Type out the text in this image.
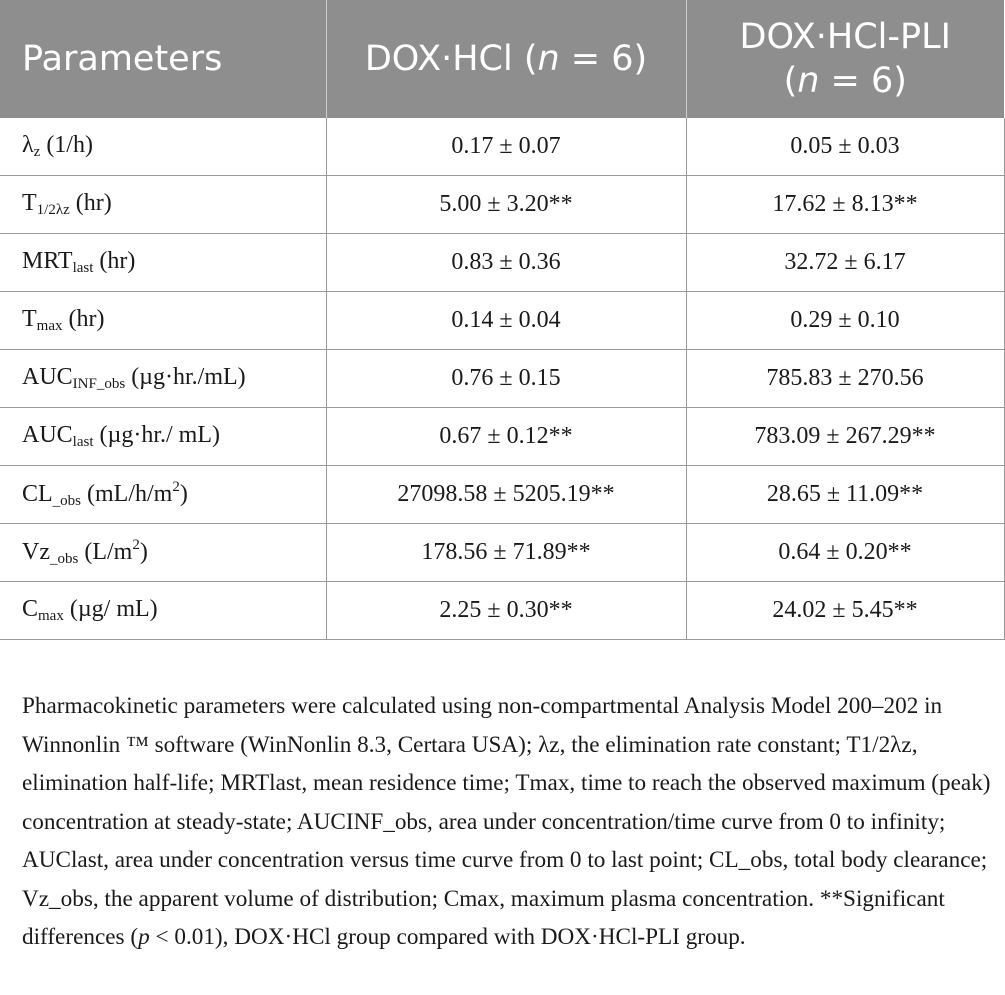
Parameters	DOX·HCl (n = 6)	DOX·HCl-PLI
(n = 6)

$\lambda_z$ (1/h)	0.17 ± 0.07	0.05 ± 0.03
$T_{1/2\lambda z}$ (hr)	5.00 ± 3.20**	17.62 ± 8.13**
$MRT_{last}$ (hr)	0.83 ± 0.36	32.72 ± 6.17
$T_{max}$ (hr)	0.14 ± 0.04	0.29 ± 0.10
$AUC_{INF\_obs}$ (µg·hr./mL)	0.76 ± 0.15	785.83 ± 270.56
$AUC_{last}$ (µg·hr./ mL)	0.67 ± 0.12**	783.09 ± 267.29**
$CL_{\_obs}$ $(mL/h/m^2)$	27098.58 ± 5205.19**	28.65 ± 11.09**
$Vz_{\_obs}$ $(L/m^2)$	178.56 ± 71.89**	0.64 ± 0.20**
$C_{max}$ (µg/ mL)	2.25 ± 0.30**	24.02 ± 5.45**
Pharmacokinetic parameters were calculated using non-compartmental Analysis Model 200–202 in Winnonlin ™ software (WinNonlin 8.3, Certara USA); λz, the elimination rate constant; T1/2λz, elimination half-life; MRTlast, mean residence time; Tmax, time to reach the observed maximum (peak) concentration at steady-state; AUCINF_obs, area under concentration/time curve from 0 to infinity; AUClast, area under concentration versus time curve from 0 to last point; CL_obs, total body clearance; Vz_obs, the apparent volume of distribution; Cmax, maximum plasma concentration. **Significant differences (p < 0.01), DOX·HCl group compared with DOX·HCl-PLI group.
